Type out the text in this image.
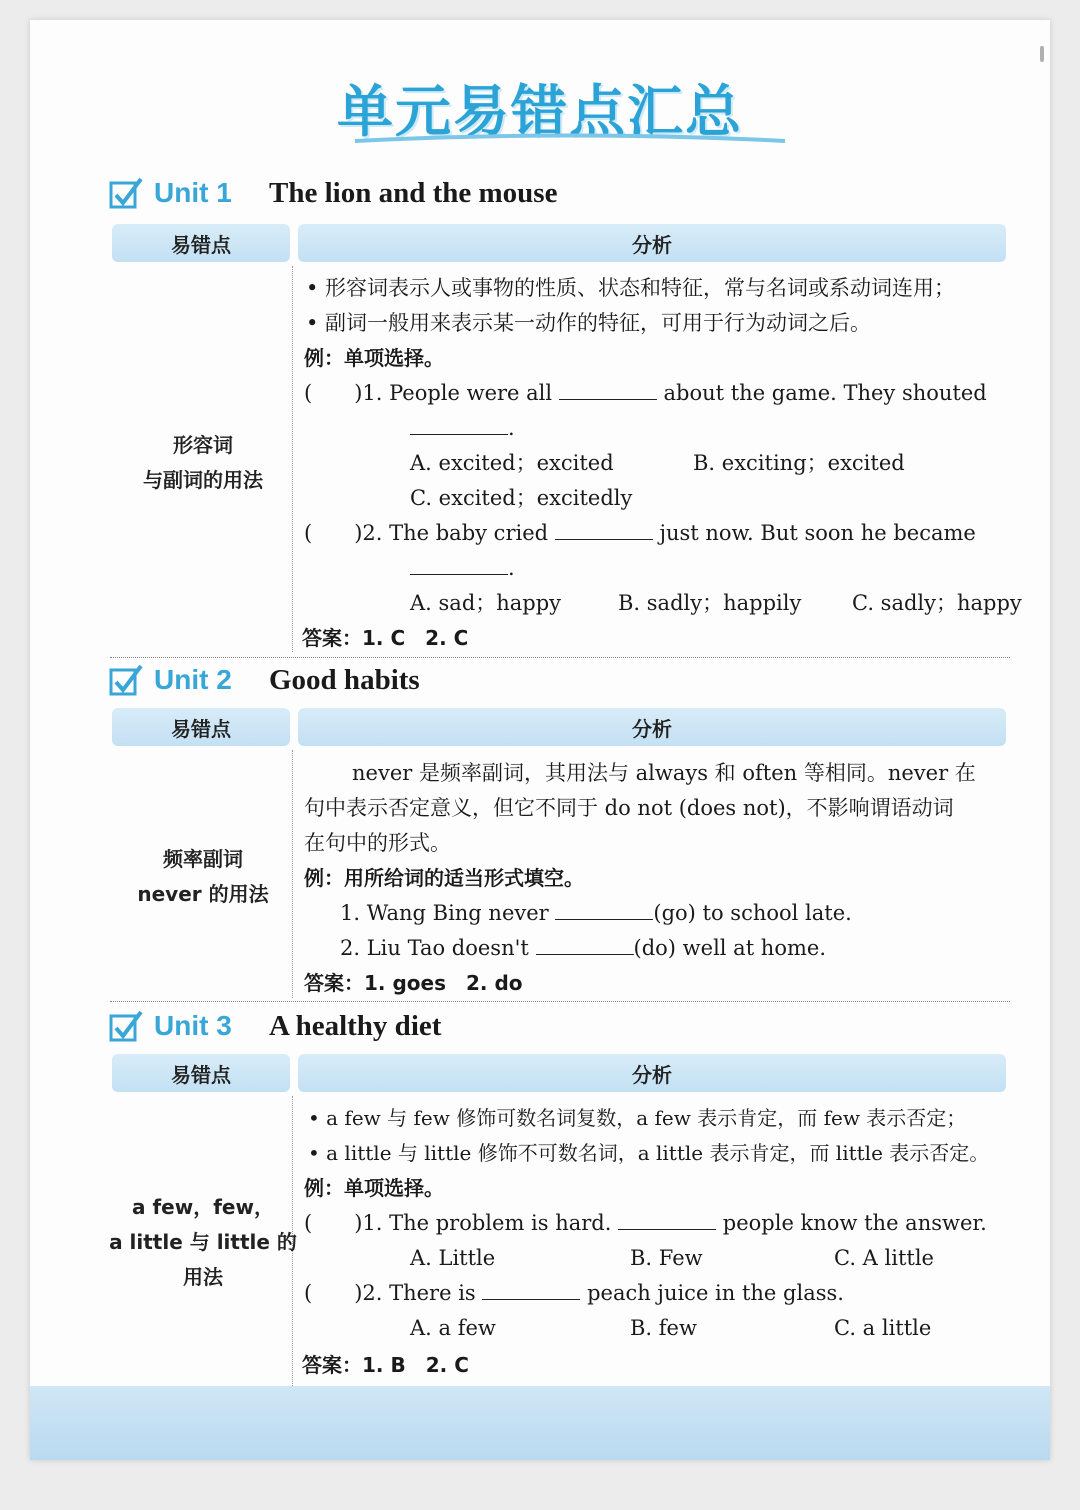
单元易错点汇总
Unit 1	The lion and the mouse
易错点	分析
形容词
与副词的用法
• 形容词表示人或事物的性质、状态和特征，常与名词或系动词连用；
• 副词一般用来表示某一动作的特征，可用于行为动词之后。
例：单项选择。
(　　)1. People were all	about the game. They shouted
.
A. excited；excited	B. exciting；excited
C. excited；excitedly
(　　)2. The baby cried	just now. But soon he became
.
A. sad；happy	B. sadly；happily C. sadly；happy
答案：1. C　2. C
Unit 2	Good habits
易错点	分析
频率副词
never 的用法
never 是频率副词，其用法与 always 和 often 等相同。never 在
句中表示否定意义，但它不同于 do not (does not)，不影响谓语动词
在句中的形式。
例：用所给词的适当形式填空。
1. Wang Bing never	(go) to school late.
2. Liu Tao doesn't	(do) well at home.
答案：1. goes　2. do
Unit 3	A healthy diet
易错点	分析
a few，few，
a little 与 little 的
用法
• a few 与 few 修饰可数名词复数，a few 表示肯定，而 few 表示否定；
• a little 与 little 修饰不可数名词，a little 表示肯定，而 little 表示否定。
例：单项选择。
(　　)1. The problem is hard.	people know the answer.
A. Little	B. Few	C. A little
(　　)2. There is	peach juice in the glass.
A. a few	B. few	C. a little
答案：1. B　2. C
